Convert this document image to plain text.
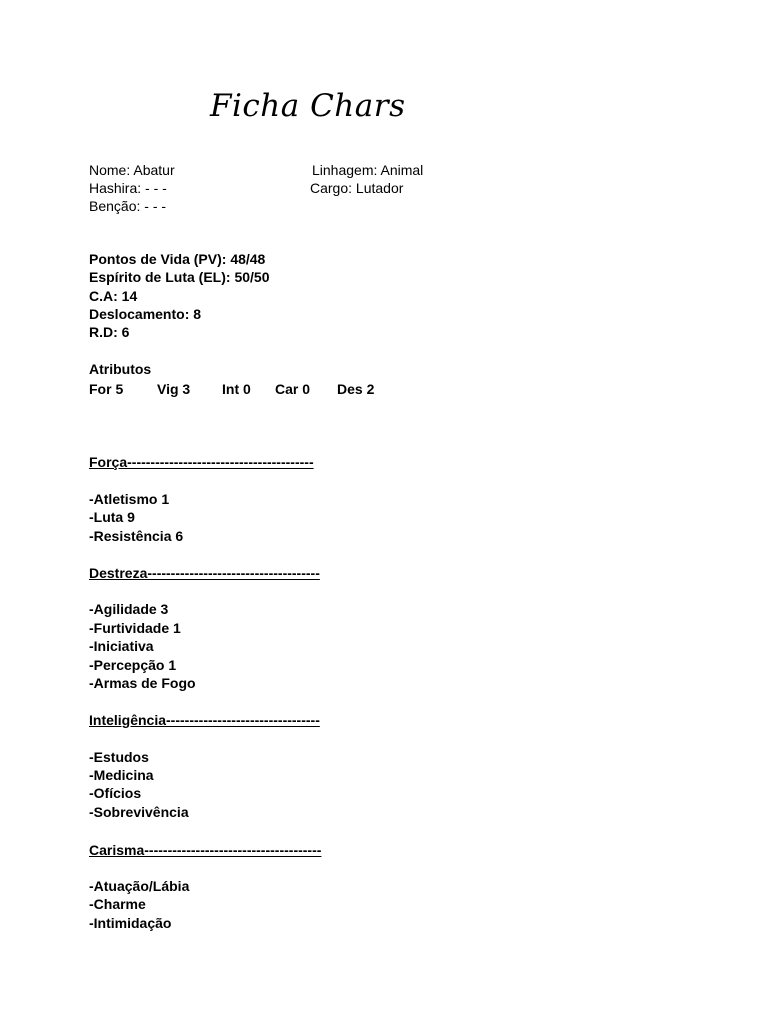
Ficha Chars
Nome: Abatur	Linhagem: Animal
Hashira: - - -	Cargo: Lutador
Benção: - - -
Pontos de Vida (PV): 48/48
Espírito de Luta (EL): 50/50
C.A: 14
Deslocamento: 8
R.D: 6
Atributos
For 5 Vig 3 Int 0 Car 0 Des 2
Força----------------------------------------
-Atletismo 1
-Luta 9
-Resistência 6
Destreza-------------------------------------
-Agilidade 3
-Furtividade 1
-Iniciativa
-Percepção 1
-Armas de Fogo
Inteligência---------------------------------
-Estudos
-Medicina
-Ofícios
-Sobrevivência
Carisma--------------------------------------
-Atuação/Lábia
-Charme
-Intimidação
